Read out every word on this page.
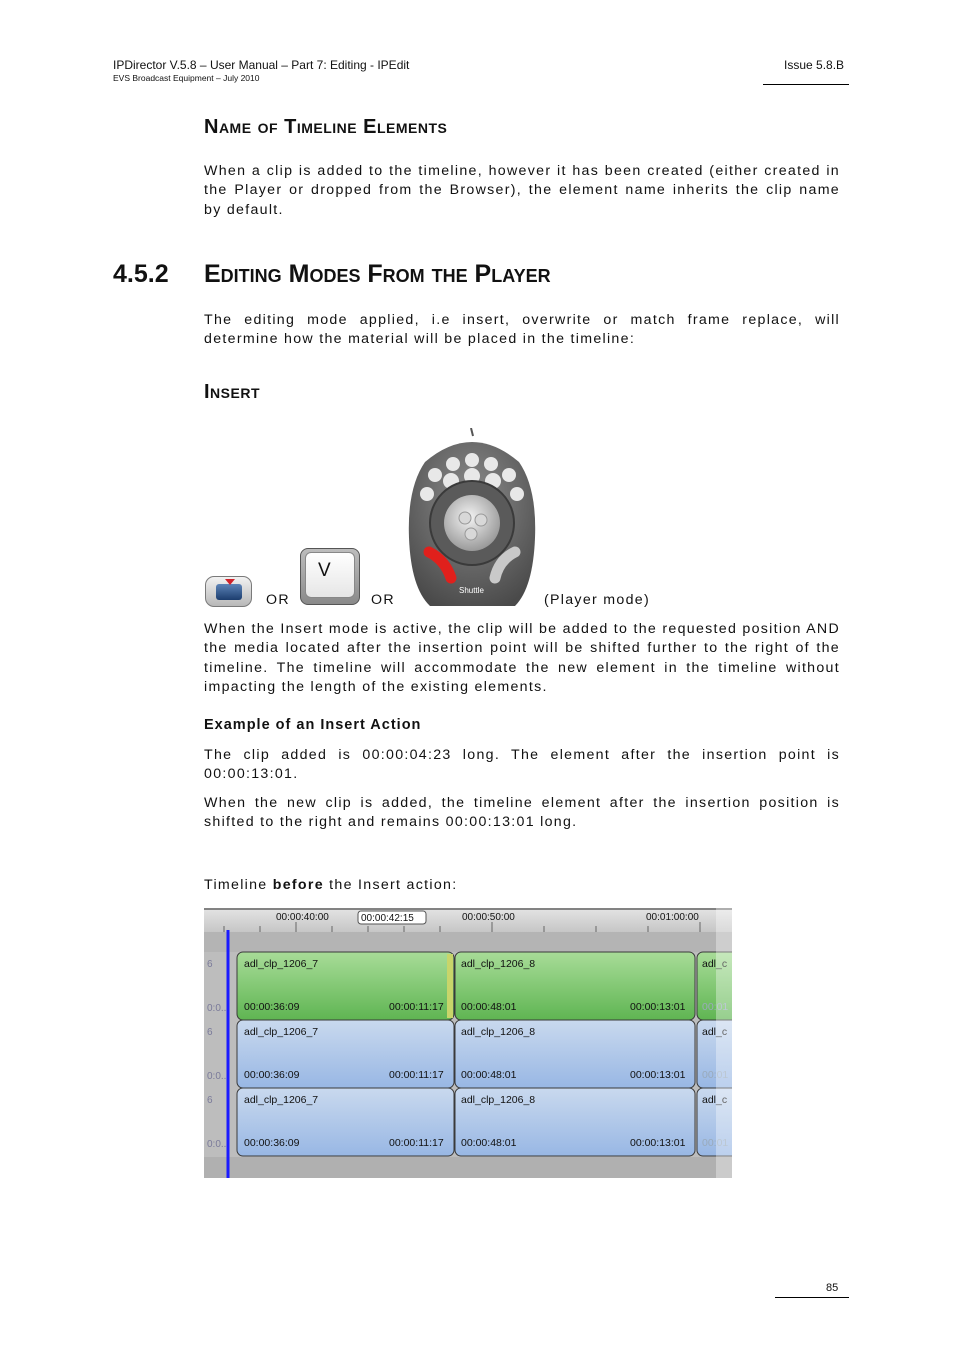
IPDirector V.5.8 – User Manual – Part 7: Editing - IPEdit
EVS Broadcast Equipment – July 2010
Issue 5.8.B
Name of Timeline Elements
When a clip is added to the timeline, however it has been created (either created in the Player or dropped from the Browser), the element name inherits the clip name by default.
4.5.2 Editing Modes From the Player
The editing mode applied, i.e insert, overwrite or match frame replace, will determine how the material will be placed in the timeline:
Insert
OR
V
OR
Shuttle
(Player mode)
When the Insert mode is active, the clip will be added to the requested position AND the media located after the insertion point will be shifted further to the right of the timeline. The timeline will accommodate the new element in the timeline without impacting the length of the existing elements.
Example of an Insert Action
The clip added is 00:00:04:23 long. The element after the insertion point is 00:00:13:01.
When the new clip is added, the timeline element after the insertion position is shifted to the right and remains 00:00:13:01 long.
Timeline before the Insert action:
00:00:40:00	00:00:42:15	00:00:50:00	00:01:00:00
6
0:0...
adl_clp_1206_7
00:00:36:09	00:00:11:17
adl_clp_1206_8
00:00:48:01	00:00:13:01
adl_c
00:01
6
0:0...
adl_clp_1206_7
00:00:36:09	00:00:11:17
adl_clp_1206_8
00:00:48:01	00:00:13:01
adl_c
00:01
6
0:0...
adl_clp_1206_7
00:00:36:09	00:00:11:17
adl_clp_1206_8
00:00:48:01	00:00:13:01
adl_c
00:01
85
